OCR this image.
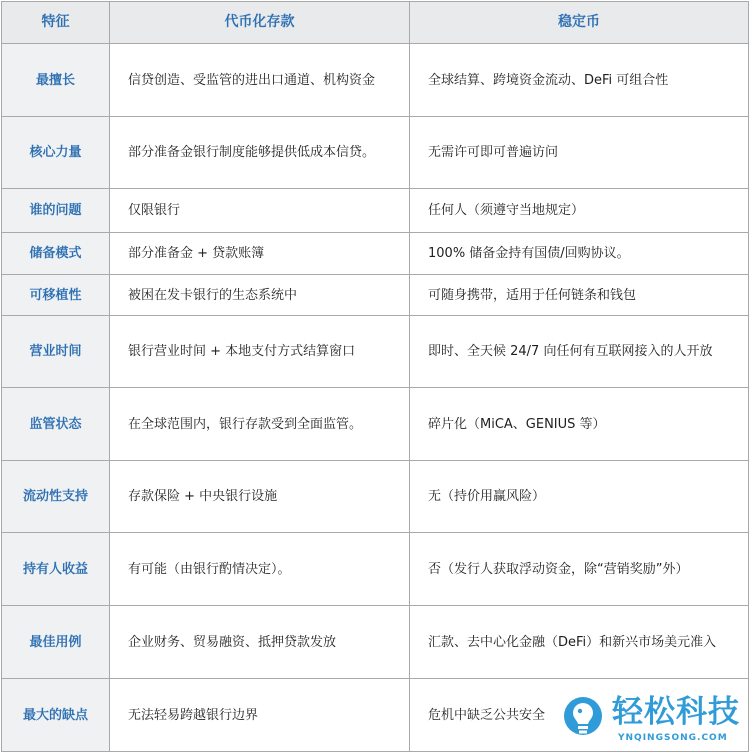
特征	代币化存款	稳定币
最擅长	信贷创造、受监管的进出口通道、机构资金	全球结算、跨境资金流动、DeFi 可组合性
核心力量	部分准备金银行制度能够提供低成本信贷。	无需许可即可普遍访问
谁的问题	仅限银行	任何人（须遵守当地规定）
储备模式	部分准备金 + 贷款账簿	100% 储备金持有国债/回购协议。
可移植性	被困在发卡银行的生态系统中	可随身携带，适用于任何链条和钱包
营业时间	银行营业时间 + 本地支付方式结算窗口	即时、全天候 24/7 向任何有互联网接入的人开放
监管状态	在全球范围内，银行存款受到全面监管。	碎片化（MiCA、GENIUS 等）
流动性支持	存款保险 + 中央银行设施	无（持价用赢风险）
持有人收益	有可能（由银行酌情决定）。	否（发行人获取浮动资金，除“营销奖励”外）
最佳用例	企业财务、贸易融资、抵押贷款发放	汇款、去中心化金融（DeFi）和新兴市场美元准入
最大的缺点	无法轻易跨越银行边界	危机中缺乏公共安全 轻松科技
YNQINGSONG.COM
